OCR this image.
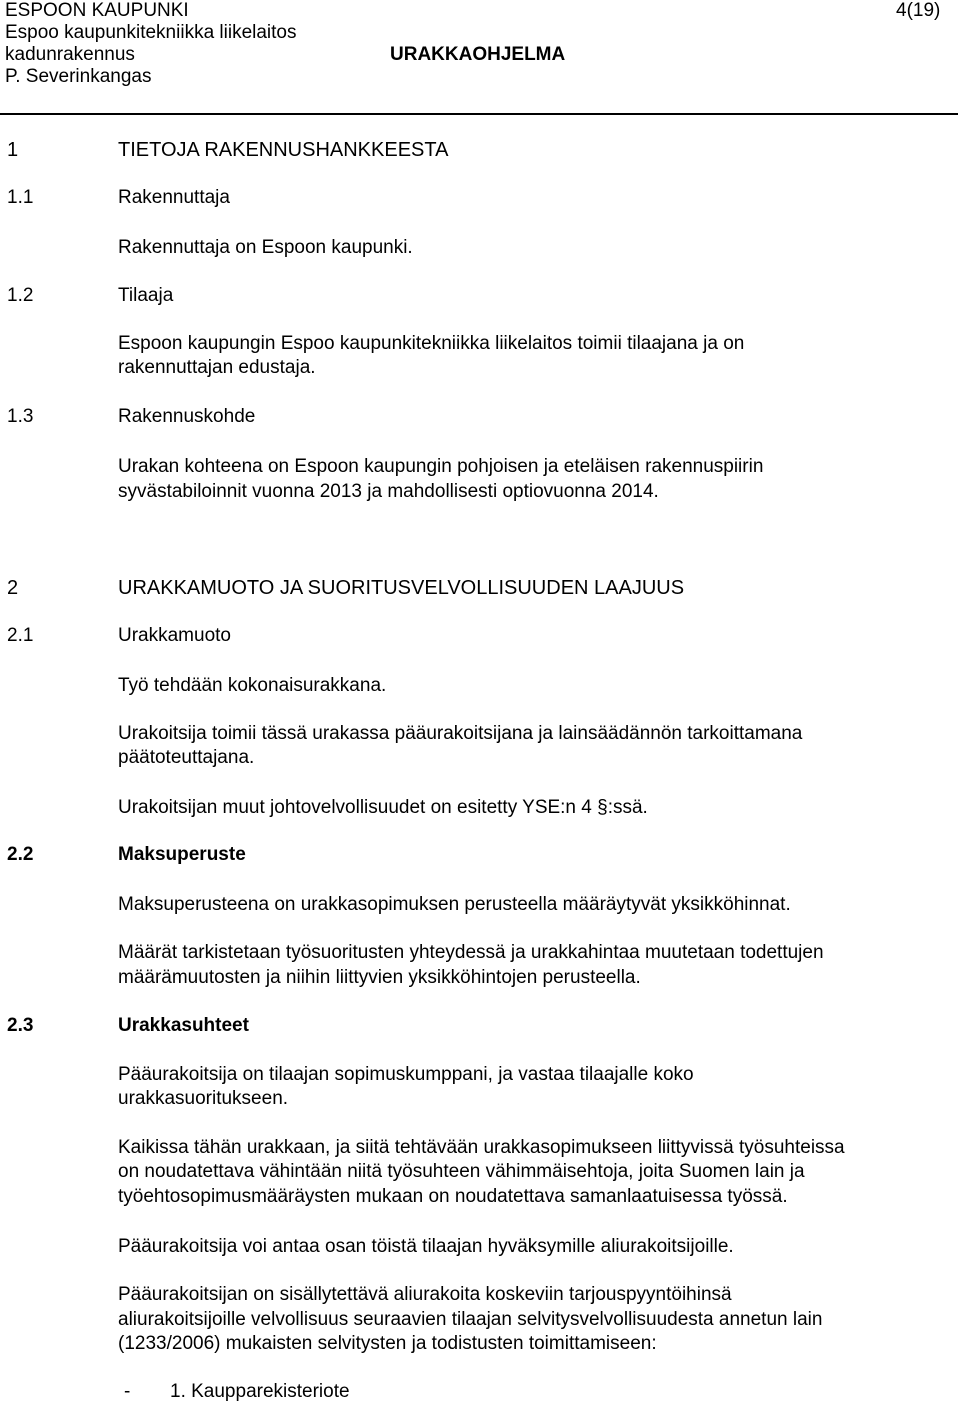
ESPOON KAUPUNKI
Espoo kaupunkitekniikka liikelaitos
kadunrakennus
P. Severinkangas
URAKKAOHJELMA
4(19)
1	TIETOJA RAKENNUSHANKKEESTA
1.1	Rakennuttaja
Rakennuttaja on Espoon kaupunki.
1.2	Tilaaja
Espoon kaupungin Espoo kaupunkitekniikka liikelaitos toimii tilaajana ja on
rakennuttajan edustaja.
1.3	Rakennuskohde
Urakan kohteena on Espoon kaupungin pohjoisen ja eteläisen rakennuspiirin
syvästabiloinnit vuonna 2013 ja mahdollisesti optiovuonna 2014.
2	URAKKAMUOTO JA SUORITUSVELVOLLISUUDEN LAAJUUS
2.1	Urakkamuoto
Työ tehdään kokonaisurakkana.
Urakoitsija toimii tässä urakassa pääurakoitsijana ja lainsäädännön tarkoittamana
päätoteuttajana.
Urakoitsijan muut johtovelvollisuudet on esitetty YSE:n 4 §:ssä.
2.2	Maksuperuste
Maksuperusteena on urakkasopimuksen perusteella määräytyvät yksikköhinnat.
Määrät tarkistetaan työsuoritusten yhteydessä ja urakkahintaa muutetaan todettujen
määrämuutosten ja niihin liittyvien yksikköhintojen perusteella.
2.3	Urakkasuhteet
Pääurakoitsija on tilaajan sopimuskumppani, ja vastaa tilaajalle koko
urakkasuoritukseen.
Kaikissa tähän urakkaan, ja siitä tehtävään urakkasopimukseen liittyvissä työsuhteissa
on noudatettava vähintään niitä työsuhteen vähimmäisehtoja, joita Suomen lain ja
työehtosopimusmääräysten mukaan on noudatettava samanlaatuisessa työssä.
Pääurakoitsija voi antaa osan töistä tilaajan hyväksymille aliurakoitsijoille.
Pääurakoitsijan on sisällytettävä aliurakoita koskeviin tarjouspyyntöihinsä
aliurakoitsijoille velvollisuus seuraavien tilaajan selvitysvelvollisuudesta annetun lain
(1233/2006) mukaisten selvitysten ja todistusten toimittamiseen:
- 1. Kaupparekisteriote
